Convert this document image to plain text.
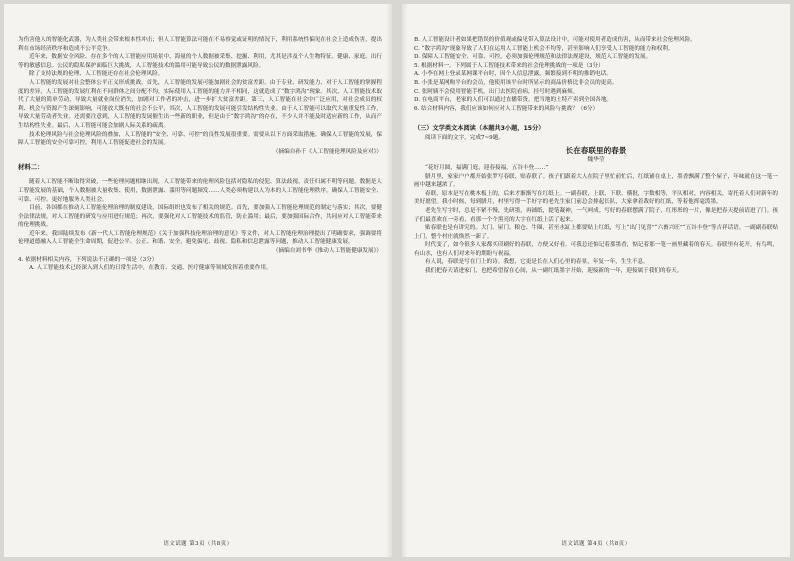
为伤害他人的智能化武器，为人类社会带来根本性冲击；但人工智能算法可能在不易察觉或证明的情况下，利用系统性偏见在社会上造成伤害，提出利在市场经济秩序和造成不公平竞争。

近年来，数据安全风险、存在多个的人工智能应用场景中、海量的个人数据被采集、挖掘、利用，尤其是涉及个人生物特征、健康、家庭、出行等的敏感信息。公民的隐私保护面临巨大挑战，人工智能技术的滥用可能导致公民的数据泄露风险。

除了支持法规的伦理、人工智能还存在社会伦理风险。

人工智能的发展对社会整体公平正义形成挑战。首先，人工智能的发展可能加剧社会的贫富差距。由于专业、研发能力、对于人工智能的掌握程度的差异，人工智能的发展红利在不同群体之间分配不均，实际使用人工智能的能力并不相同，这就造成了“数字鸿沟”现象。其次，人工智能技术取代了大量的简单劳动，导致大量就业岗位消失，加剧对工作者的冲击，进一步扩大贫富差距。第三，人工智能在社会中广泛应用，对社会成员的权利、机会与资源产生深刻影响，可能放大既有的社会不公平，其次，人工智能的发展可能引发结构性失业。由于人工智能可以取代大量重复性工作，导致大量劳动者失业。还需要注意到，人工智能的发展催生出一些新的职业，但是由于“数字鸿沟”的存在，不少人并不能及时适应新的工作，从而产生结构性失业。最后，人工智能可能会加剧人际关系的疏离。

技术伦理风险与社会伦理风险的叠加，人工智能的“安全、可靠、可控”的良性发展很重要。需要从以下方面采取措施。确保人工智能的发展，保障人工智能的安全可靠可控，利用人工智能促进社会的发展。

（摘编自孙千《人工智能伦理风险及应对》）

材料二：

随着人工智能不断取得突破，一些伦理问题相继出现，人工智能带来的伦理风险包括对隐私的侵犯、算法歧视、责任归属不明等问题。数据是人工智能发展的基础，个人数据被大量收集、使用，数据泄露、滥用等问题频发……人类必须构建以人为本的人工智能伦理秩序，确保人工智能安全、可靠、可控。更好地服务人类社会。

目前，各国都在推动人工智能伦理治理的制度建设，国际组织也发布了相关的规范。首先，要加强人工智能伦理规范的制定与落实；其次，要健全法律法规，对人工智能的研发与应用进行规范；再次，要强化对人工智能技术的监管，防止滥用；最后，要加强国际合作，共同应对人工智能带来的伦理挑战。

近年来，我国陆续发布《新一代人工智能伦理规范》《关于加强科技伦理治理的意见》等文件，对人工智能伦理治理提出了明确要求，强调要将伦理道德融入人工智能全生命周期，促进公平、公正、和谐、安全，避免偏见、歧视、隐私和信息泄露等问题，推动人工智能健康发展。

（摘编自刘书华《推动人工智能健康发展》）

4. 依据材料相关内容，下列说法不正确的一项是（3分）

A. 人工智能技术已经深入到人们的日常生活中，在教育、交通、医疗健康等领域发挥着重要作用。

语文试题 第3页（共8页）

B. 人工智能设计者如果把错误的价值观或偏见带入算法设计中，可能对使用者造成伤害，从而带来社会伦理风险。

C. “数字鸿沟”现象导致了人们在运用人工智能上机会不均等，甚至影响人们享受人工智能的能力和权利。

D. 保障人工智能安全、可靠、可控，必须加强伦理规范和法律法规建设，规范人工智能的发展。

5. 根据材料一，下列属于人工智能技术带来的社会伦理挑战的一项是（3分）

A. 小李在网上登录某网课平台时，因个人信息泄露，频繁接到不明的推销电话。

B. 小张是某网购平台的会员，他使用该平台时所显示的商品价格比非会员的更高。

C. 张阿姨不会使用智能手机，出门去医院看病，挂号时遇到麻烦。

D. 在电商平台，老家的人们可以通过直播带货，把当地的土特产卖到全国各地。

6. 结合材料内容，我们应该如何应对人工智能带来的风险与挑战？（6分）

（三）文学类文本阅读（本题共3小题，15分）

阅读下面的文字，完成7~9题。

长在春联里的春景

魏华莹

“花好月圆，福满门庭，迎春接福，五谷丰登……”

腊月里，家家户户都开始张罗写春联、贴春联了。孩子们跟着大人在院子里忙前忙后，红纸铺在桌上，墨香飘满了整个屋子，年味就在这一笔一画中越来越浓了。

春联，原本是写在桃木板上的，后来才渐渐写在红纸上。一副春联，上联、下联、横批，字数相等，平仄相对，内容相关，寄托着人们对新年的美好愿望。我小时候，每到腊月，村里写得一手好字的老先生家门前总会排起长队，大家拿着裁好的红纸，等着他挥毫泼墨。

老先生写字时，总是不紧不慢，先研墨，再铺纸，提笔凝神，一气呵成。写好的春联摆满了院子，红彤彤的一片，像是把春天提前请进了门。孩子们最喜欢在一旁看，看那一个个黑亮的大字在红纸上活了起来。

贴春联也是有讲究的。大门、屋门、粮仓、牛圈，甚至水缸上都要贴上红纸，写上“出门见喜”“六畜兴旺”“五谷丰登”等吉祥话语。一副副春联贴上门，整个村庄就焕然一新了。

时代变了，如今很多人家都买印刷好的春联，方便又好看。可我总还惦记着那墨香，惦记着那一笔一画里藏着的春天。春联里有花开，有鸟鸣，有山水，也有人们对来年的期盼与祝福。

有人说，春联是写在门上的诗。我想，它更是长在人们心里的春景，年复一年，生生不息。

我们把春天请进家门，也把希望留在心间，从一副红纸墨字开始，迎接新的一年，迎接属于我们的春天。

语文试题 第4页（共8页）
